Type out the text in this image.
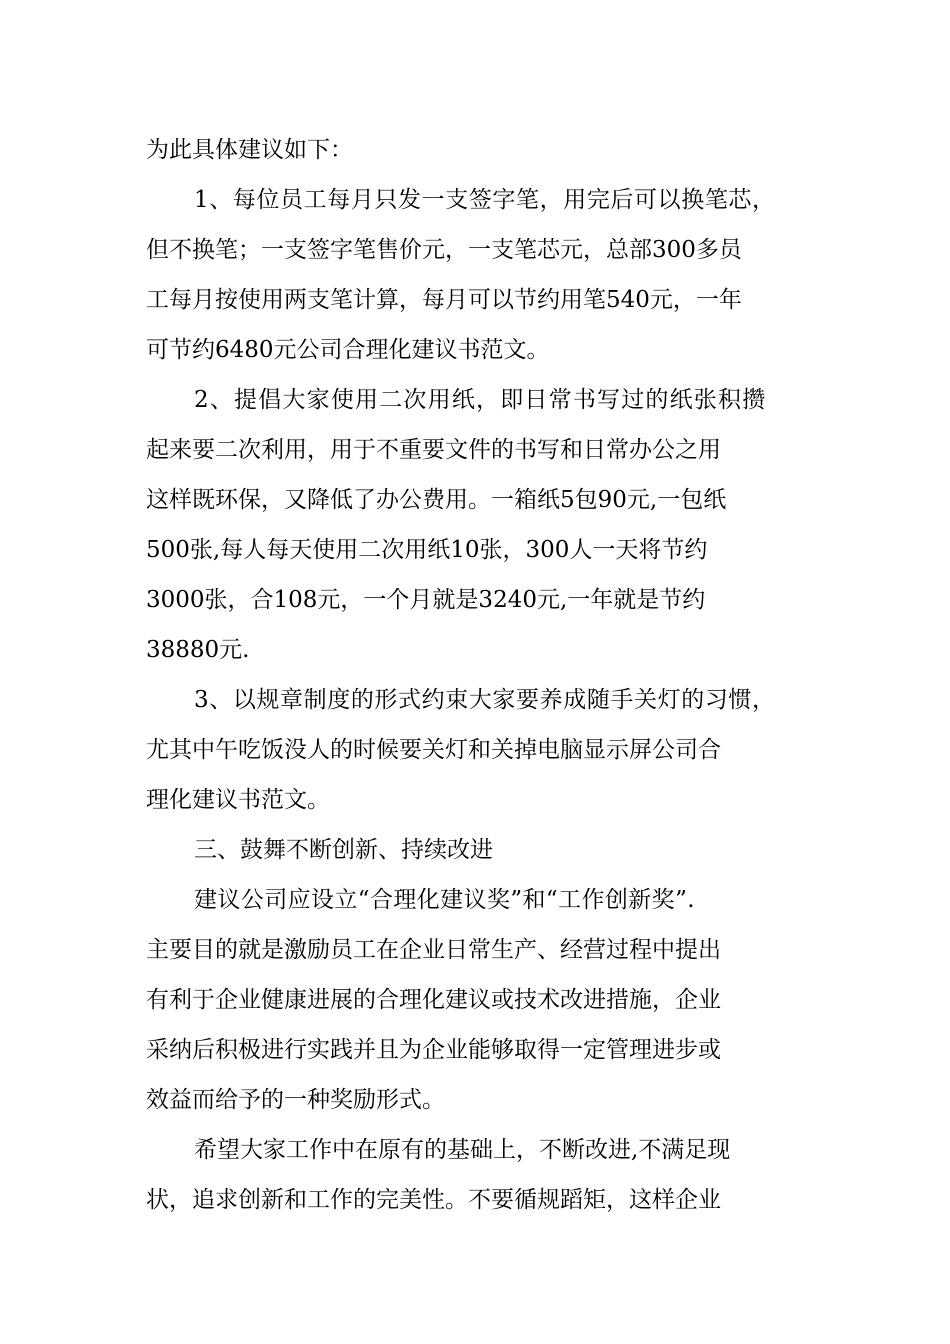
为此具体建议如下：
1、每位员工每月只发一支签字笔，用完后可以换笔芯，
但不换笔；一支签字笔售价元，一支笔芯元，总部300多员
工每月按使用两支笔计算，每月可以节约用笔540元，一年
可节约6480元公司合理化建议书范文。
2、提倡大家使用二次用纸，即日常书写过的纸张积攒
起来要二次利用，用于不重要文件的书写和日常办公之用
这样既环保，又降低了办公费用。一箱纸5包90元,一包纸
500张,每人每天使用二次用纸10张，300人一天将节约
3000张，合108元，一个月就是3240元,一年就是节约
38880元.
3、以规章制度的形式约束大家要养成随手关灯的习惯，
尤其中午吃饭没人的时候要关灯和关掉电脑显示屏公司合
理化建议书范文。
三、鼓舞不断创新、持续改进
建议公司应设立“合理化建议奖”和“工作创新奖”.
主要目的就是激励员工在企业日常生产、经营过程中提出
有利于企业健康进展的合理化建议或技术改进措施，企业
采纳后积极进行实践并且为企业能够取得一定管理进步或
效益而给予的一种奖励形式。
希望大家工作中在原有的基础上，不断改进,不满足现
状，追求创新和工作的完美性。不要循规蹈矩，这样企业
